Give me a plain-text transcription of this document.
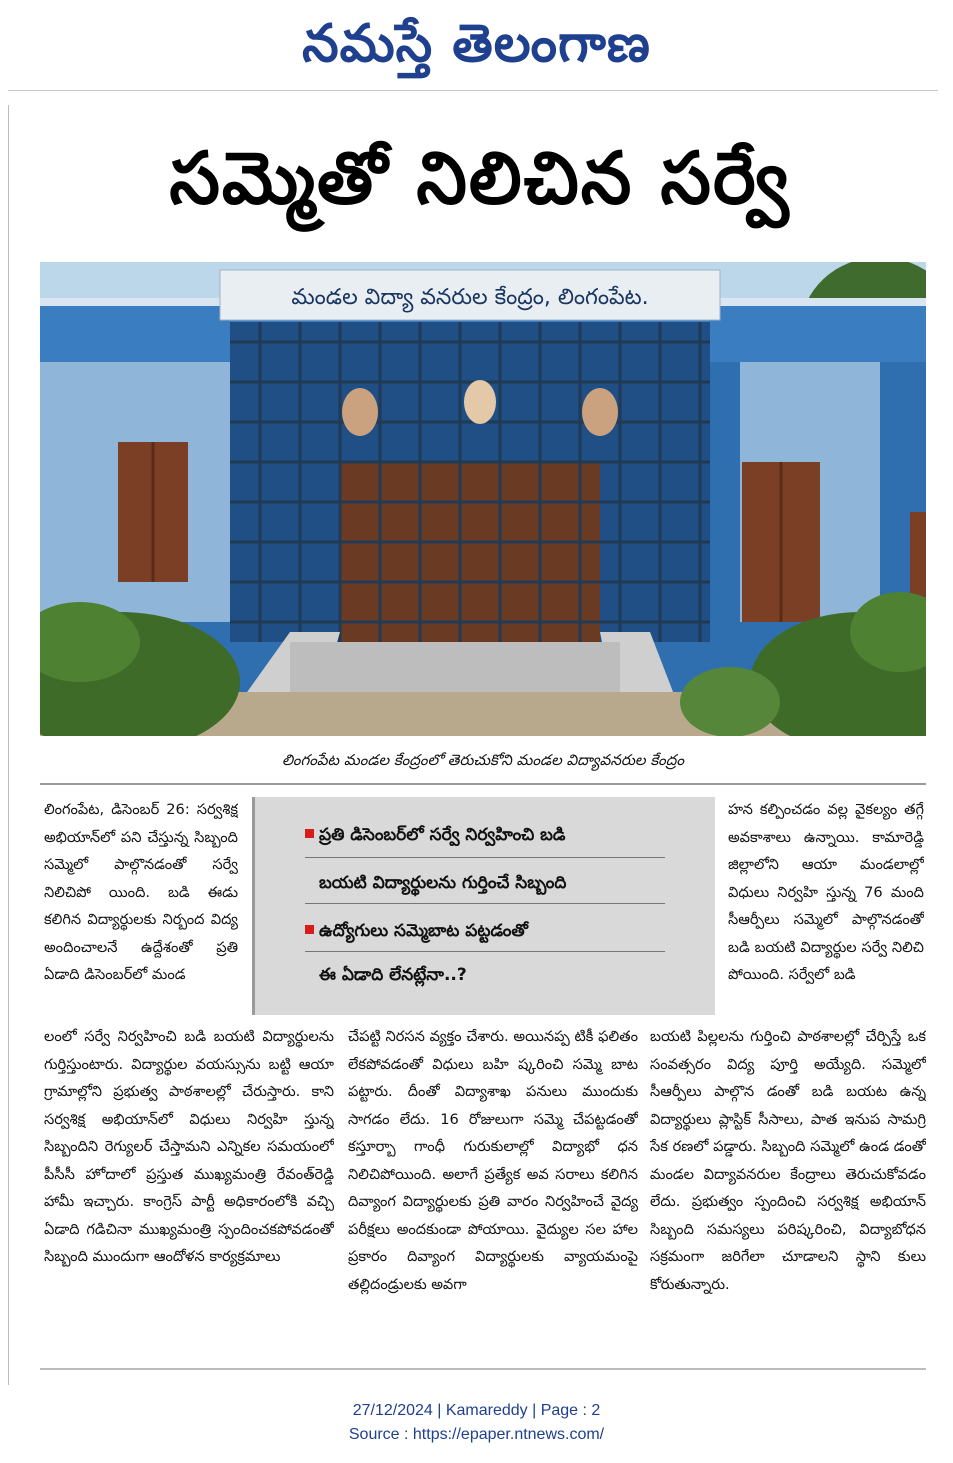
నమస్తే తెలంగాణ
సమ్మెతో నిలిచిన సర్వే
మండల విద్యా వనరుల కేంద్రం, లింగంపేట.
లింగంపేట మండల కేంద్రంలో తెరుచుకోని మండల విద్యావనరుల కేంద్రం

లింగంపేట, డిసెంబర్ 26: సర్వశిక్ష అభియాన్‌లో పని చేస్తున్న సిబ్బంది సమ్మెలో పాల్గొనడంతో సర్వే నిలిచిపో యింది. బడి ఈడు కలిగిన విద్యార్థులకు నిర్బంద విద్య అందించాలనే ఉద్దేశంతో ప్రతి ఏడాది డిసెంబర్‌లో మండ

ప్రతి డిసెంబర్‌లో సర్వే నిర్వహించి బడి
బయటి విద్యార్థులను గుర్తించే సిబ్బంది
ఉద్యోగులు సమ్మెబాట పట్టడంతో
ఈ ఏడాది లేనట్లేనా..?

హన కల్పించడం వల్ల వైకల్యం తగ్గే అవకాశాలు ఉన్నాయి. కామారెడ్డి జిల్లాలోని ఆయా మండలాల్లో విధులు నిర్వహి స్తున్న 76 మంది సీఆర్పీలు సమ్మెలో పాల్గొనడంతో బడి బయటి విద్యార్థుల సర్వే నిలిచి పోయింది. సర్వేలో బడి

లంలో సర్వే నిర్వహించి బడి బయటి విద్యార్థులను గుర్తిస్తుంటారు. విద్యార్థుల వయస్సును బట్టి ఆయా గ్రామాల్లోని ప్రభుత్వ పాఠశాలల్లో చేరుస్తారు. కాని సర్వశిక్ష అభియాన్‌లో విధులు నిర్వహి స్తున్న సిబ్బందిని రెగ్యులర్ చేస్తామని ఎన్నికల సమయంలో పీసీసీ హోదాలో ప్రస్తుత ముఖ్యమంత్రి రేవంత్‌రెడ్డి హామీ ఇచ్చారు. కాంగ్రెస్ పార్టీ అధికారంలోకి వచ్చి ఏడాది గడిచినా ముఖ్యమంత్రి స్పందించకపోవడంతో సిబ్బంది ముందుగా ఆందోళన కార్యక్రమాలు

చేపట్టి నిరసన వ్యక్తం చేశారు. అయినప్ప టికీ ఫలితం లేకపోవడంతో విధులు బహి ష్కరించి సమ్మె బాట పట్టారు. దీంతో విద్యాశాఖ పనులు ముందుకు సాగడం లేదు. 16 రోజులుగా సమ్మె చేపట్టడంతో కస్తూర్బా గాంధీ గురుకులాల్లో విద్యాభో ధన నిలిచిపోయింది. అలాగే ప్రత్యేక అవ సరాలు కలిగిన దివ్యాంగ విద్యార్థులకు ప్రతి వారం నిర్వహించే వైద్య పరీక్షలు అందకుండా పోయాయి. వైద్యుల సల హాల ప్రకారం దివ్యాంగ విద్యార్థులకు వ్యాయమంపై తల్లిదండ్రులకు అవగా

బయటి పిల్లలను గుర్తించి పాఠశాలల్లో చేర్పిస్తే ఒక సంవత్సరం విద్య పూర్తి అయ్యేది. సమ్మెలో సీఆర్పీలు పాల్గొన డంతో బడి బయట ఉన్న విద్యార్థులు ప్లాస్టిక్ సీసాలు, పాత ఇనుప సామగ్రి సేక రణలో పడ్డారు. సిబ్బంది సమ్మెలో ఉండ డంతో మండల విద్యావనరుల కేంద్రాలు తెరుచుకోవడం లేదు. ప్రభుత్వం స్పందించి సర్వశిక్ష అభియాన్ సిబ్బంది సమస్యలు పరిష్కరించి, విద్యాబోధన సక్రమంగా జరిగేలా చూడాలని స్థాని కులు కోరుతున్నారు.

27/12/2024 | Kamareddy | Page : 2
Source : https://epaper.ntnews.com/
